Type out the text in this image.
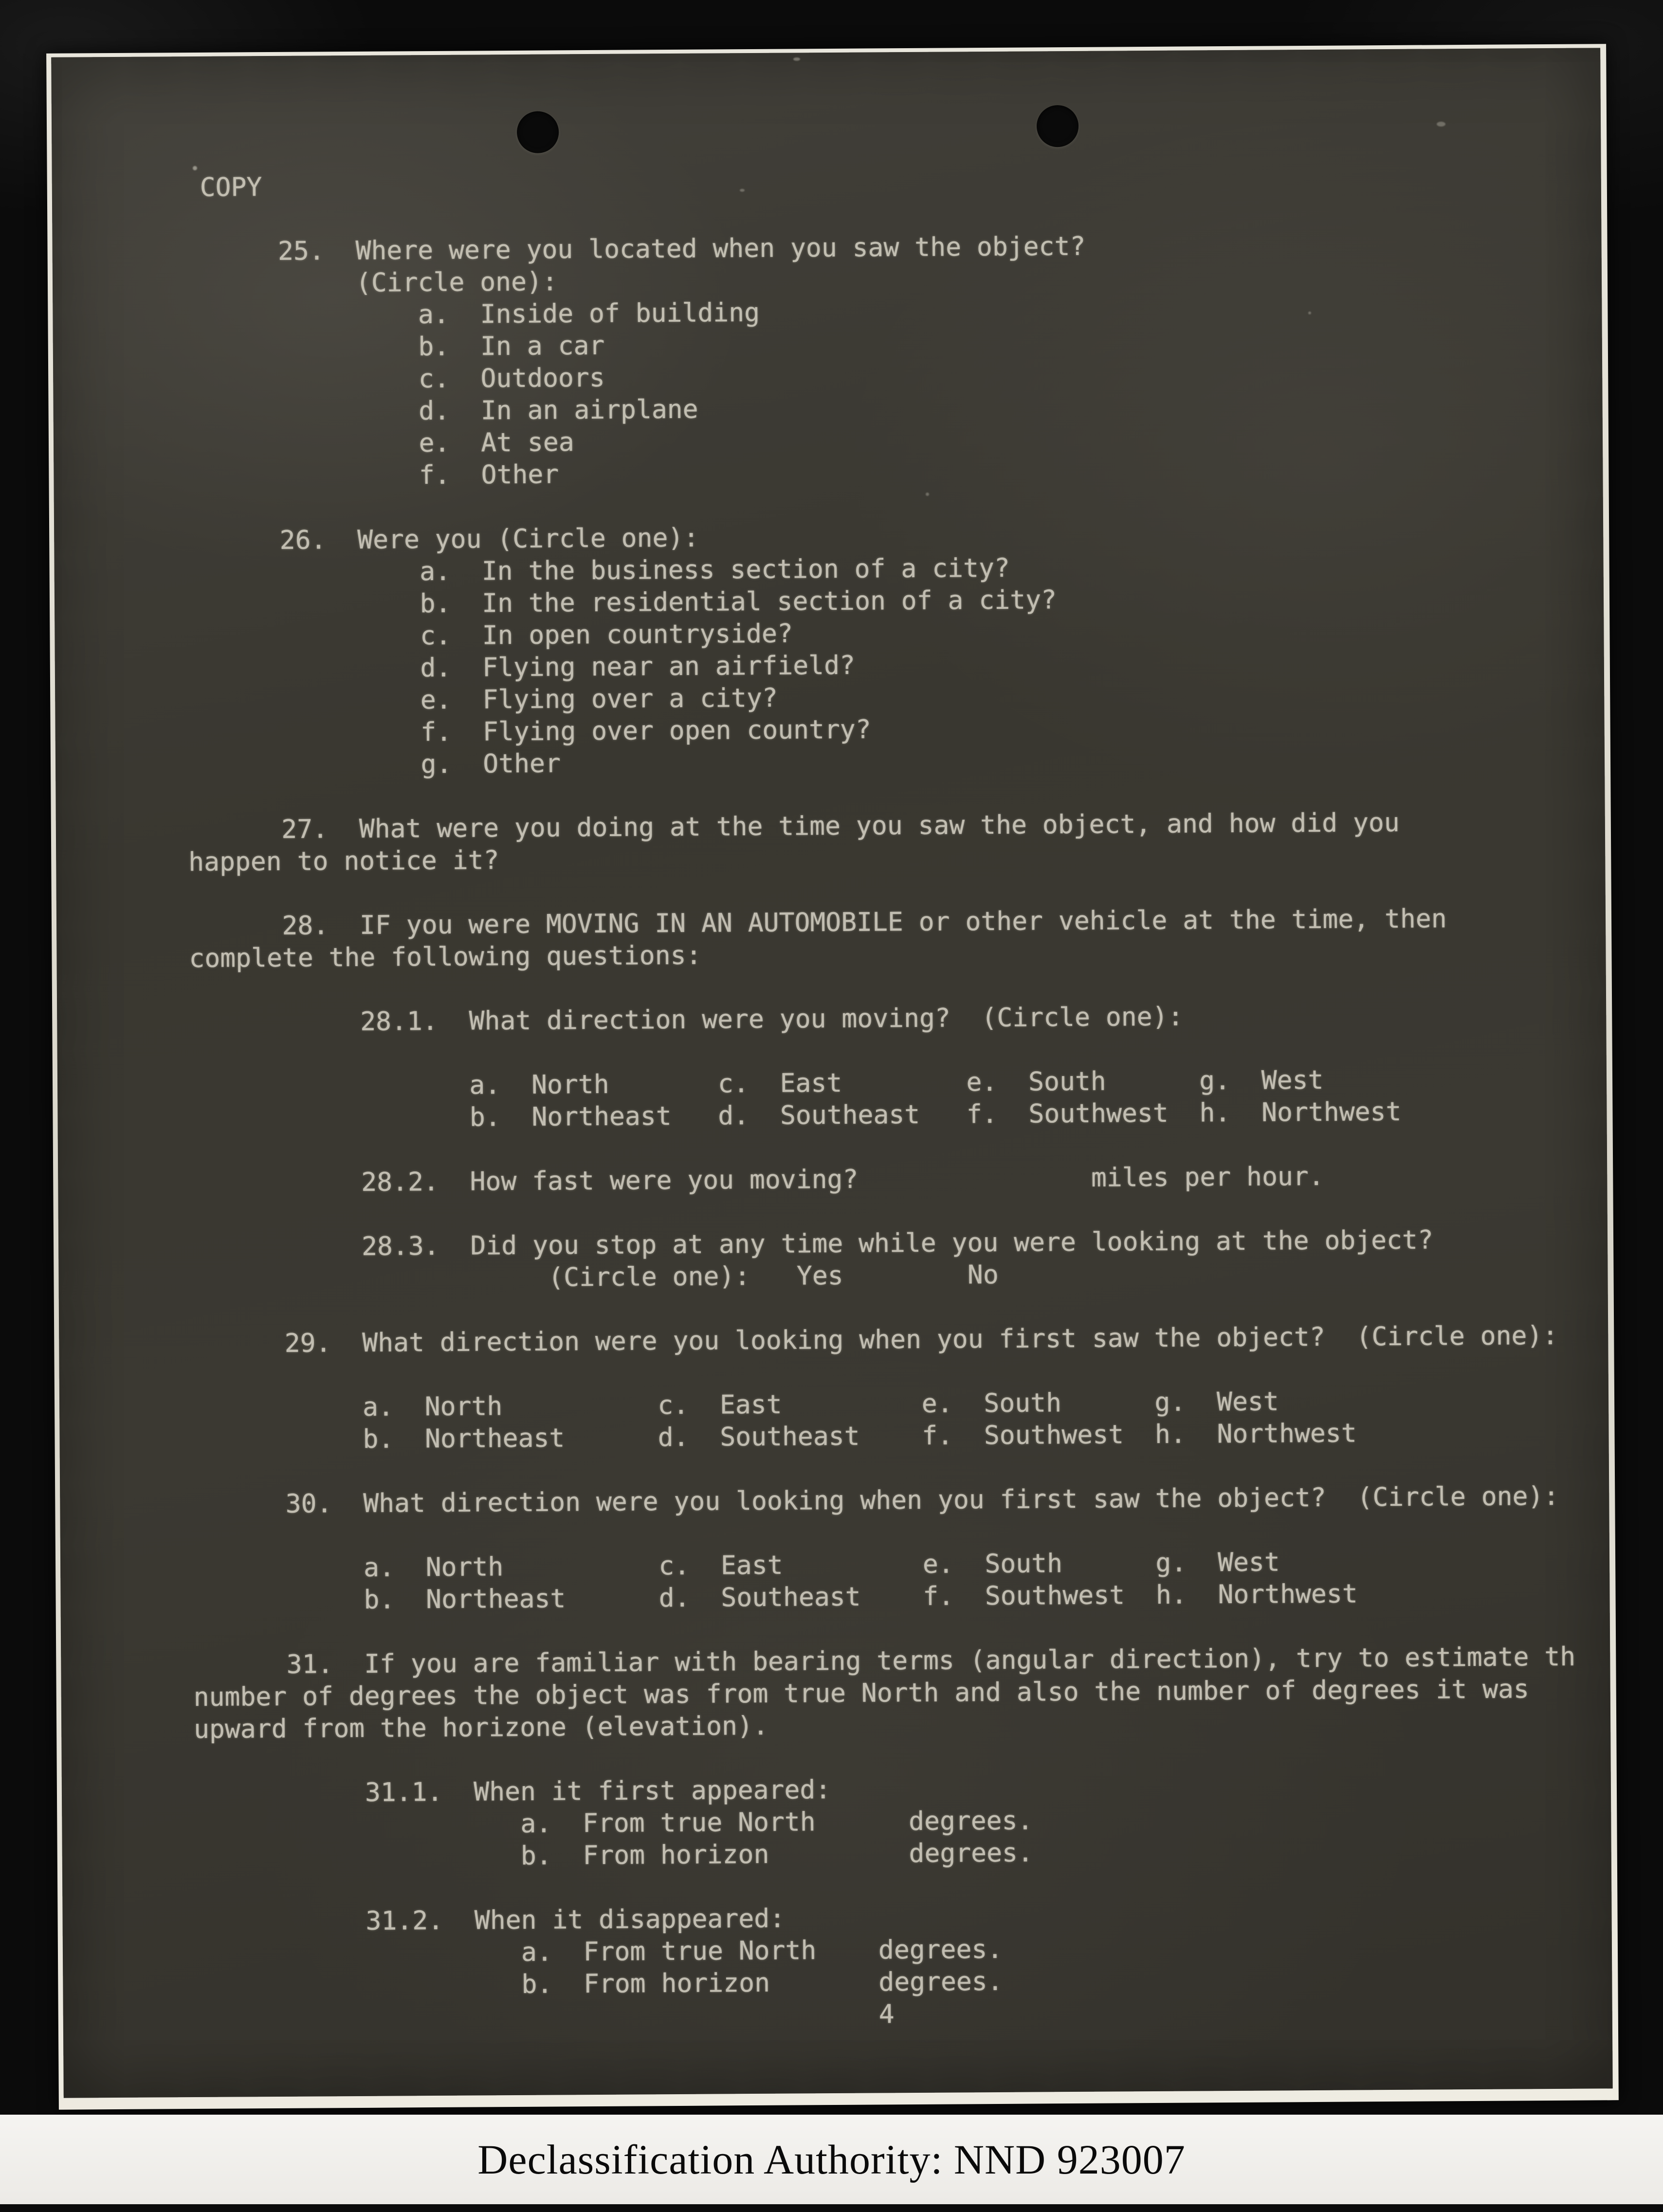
COPY

25.  Where were you located when you saw the object?
(Circle one):
a.  Inside of building
b.  In a car
c.  Outdoors
d.  In an airplane
e.  At sea
f.  Other

26.  Were you (Circle one):
a.  In the business section of a city?
b.  In the residential section of a city?
c.  In open countryside?
d.  Flying near an airfield?
e.  Flying over a city?
f.  Flying over open country?
g.  Other

27.  What were you doing at the time you saw the object, and how did you
happen to notice it?

28.  IF you were MOVING IN AN AUTOMOBILE or other vehicle at the time, then
complete the following questions:

28.1.  What direction were you moving?  (Circle one):

a.  North       c.  East        e.  South      g.  West
b.  Northeast   d.  Southeast   f.  Southwest  h.  Northwest

28.2.  How fast were you moving?               miles per hour.

28.3.  Did you stop at any time while you were looking at the object?
(Circle one):   Yes        No

29.  What direction were you looking when you first saw the object?  (Circle one):

a.  North          c.  East         e.  South      g.  West
b.  Northeast      d.  Southeast    f.  Southwest  h.  Northwest

30.  What direction were you looking when you first saw the object?  (Circle one):

a.  North          c.  East         e.  South      g.  West
b.  Northeast      d.  Southeast    f.  Southwest  h.  Northwest

31.  If you are familiar with bearing terms (angular direction), try to estimate th
number of degrees the object was from true North and also the number of degrees it was
upward from the horizone (elevation).

31.1.  When it first appeared:
a.  From true North      degrees.
b.  From horizon         degrees.

31.2.  When it disappeared:
a.  From true North    degrees.
b.  From horizon       degrees.
4
Declassification Authority: NND 923007
